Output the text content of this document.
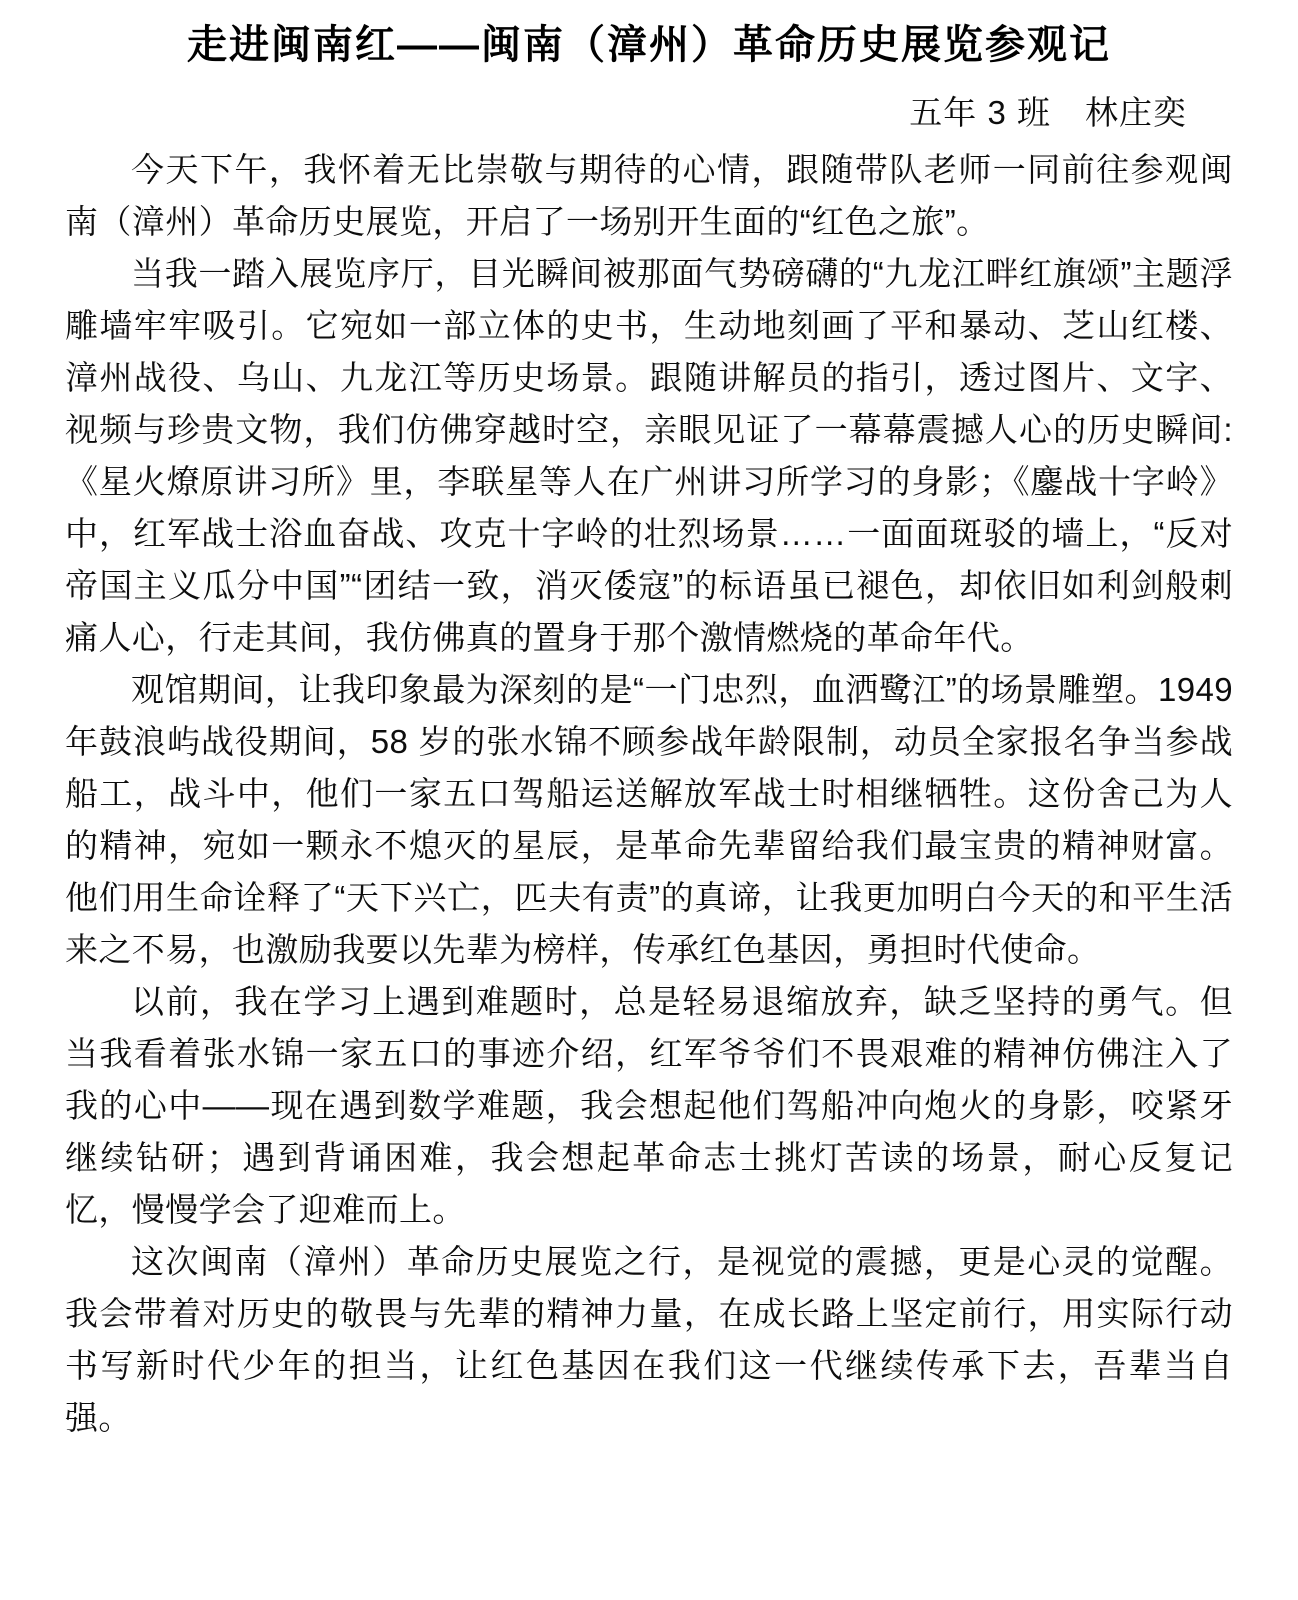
走进闽南红——闽南（漳州）革命历史展览参观记
五年 3 班　林庄奕

今天下午，我怀着无比崇敬与期待的心情，跟随带队老师一同前往参观闽南（漳州）革命历史展览，开启了一场别开生面的“红色之旅”。

当我一踏入展览序厅，目光瞬间被那面气势磅礴的“九龙江畔红旗颂”主题浮雕墙牢牢吸引。它宛如一部立体的史书，生动地刻画了平和暴动、芝山红楼、漳州战役、乌山、九龙江等历史场景。跟随讲解员的指引，透过图片、文字、视频与珍贵文物，我们仿佛穿越时空，亲眼见证了一幕幕震撼人心的历史瞬间:《星火燎原讲习所》里，李联星等人在广州讲习所学习的身影；《鏖战十字岭》中，红军战士浴血奋战、攻克十字岭的壮烈场景……一面面斑驳的墙上，“反对帝国主义瓜分中国”“团结一致，消灭倭寇”的标语虽已褪色，却依旧如利剑般刺痛人心，行走其间，我仿佛真的置身于那个激情燃烧的革命年代。

观馆期间，让我印象最为深刻的是“一门忠烈，血洒鹭江”的场景雕塑。1949年鼓浪屿战役期间，58 岁的张水锦不顾参战年龄限制，动员全家报名争当参战船工，战斗中，他们一家五口驾船运送解放军战士时相继牺牲。这份舍己为人的精神，宛如一颗永不熄灭的星辰，是革命先辈留给我们最宝贵的精神财富。他们用生命诠释了“天下兴亡，匹夫有责”的真谛，让我更加明白今天的和平生活来之不易，也激励我要以先辈为榜样，传承红色基因，勇担时代使命。

以前，我在学习上遇到难题时，总是轻易退缩放弃，缺乏坚持的勇气。但当我看着张水锦一家五口的事迹介绍，红军爷爷们不畏艰难的精神仿佛注入了我的心中——现在遇到数学难题，我会想起他们驾船冲向炮火的身影，咬紧牙继续钻研；遇到背诵困难，我会想起革命志士挑灯苦读的场景，耐心反复记忆，慢慢学会了迎难而上。

这次闽南（漳州）革命历史展览之行，是视觉的震撼，更是心灵的觉醒。我会带着对历史的敬畏与先辈的精神力量，在成长路上坚定前行，用实际行动书写新时代少年的担当，让红色基因在我们这一代继续传承下去，吾辈当自强。
